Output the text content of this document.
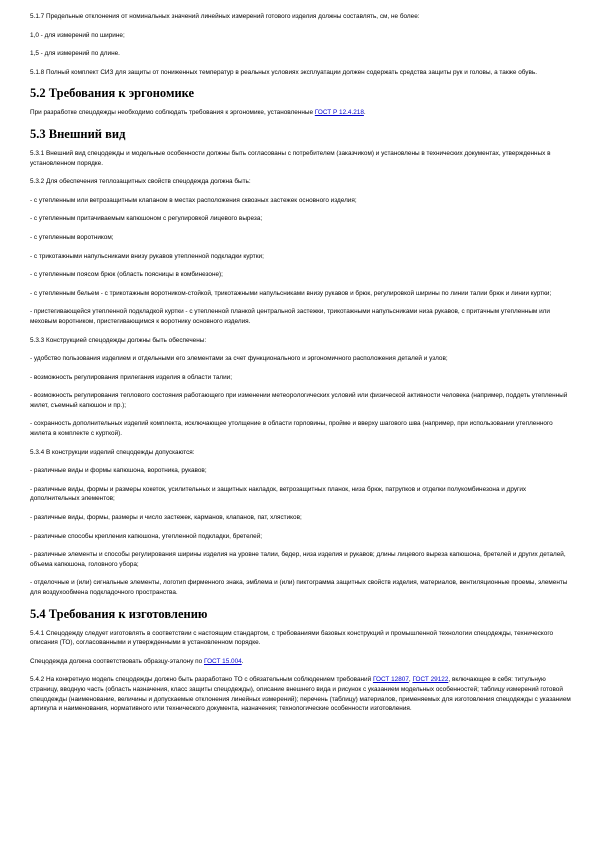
5.1.7 Предельные отклонения от номинальных значений линейных измерений готового изделия должны составлять, см, не более:

1,0 - для измерений по ширине;

1,5 - для измерений по длине.

5.1.8 Полный комплект СИЗ для защиты от пониженных температур в реальных условиях эксплуатации должен содержать средства защиты рук и головы, а также обувь.

5.2 Требования к эргономике

При разработке спецодежды необходимо соблюдать требования к эргономике, установленные ГОСТ Р 12.4.218.

5.3 Внешний вид

5.3.1 Внешний вид спецодежды и модельные особенности должны быть согласованы с потребителем (заказчиком) и установлены в технических документах, утвержденных в установленном порядке.

5.3.2 Для обеспечения теплозащитных свойств спецодежда должна быть:

- с утепленным или ветрозащитным клапаном в местах расположения сквозных застежек основного изделия;

- с утепленным притачиваемым капюшоном с регулировкой лицевого выреза;

- с утепленным воротником;

- с трикотажными напульсниками внизу рукавов утепленной подкладки куртки;

- с утепленным поясом брюк (область поясницы в комбинезоне);

- с утепленным бельем - с трикотажным воротником-стойкой, трикотажными напульсниками внизу рукавов и брюк, регулировкой ширины по линии талии брюк и линии куртки;

- пристегивающейся утепленной подкладкой куртки - с утепленной планкой центральной застежки, трикотажными напульсниками низа рукавов, с притачным утепленным или меховым воротником, пристегивающимся к воротнику основного изделия.

5.3.3 Конструкцией спецодежды должны быть обеспечены:

- удобство пользования изделием и отдельными его элементами за счет функционального и эргономичного расположения деталей и узлов;

- возможность регулирования прилегания изделия в области талии;

- возможность регулирования теплового состояния работающего при изменении метеорологических условий или физической активности человека (например, поддеть утепленный жилет, съемный капюшон и пр.);

- сохранность дополнительных изделий комплекта, исключающее утолщение в области горловины, пройме и вверху шагового шва (например, при использовании утепленного жилета в комплекте с курткой).

5.3.4 В конструкции изделий спецодежды допускаются:

- различные виды и формы капюшона, воротника, рукавов;

- различные виды, формы и размеры кокеток, усилительных и защитных накладок, ветрозащитных планок, низа брюк, патрупков и отделки полукомбинезона и других дополнительных элементов;

- различные виды, формы, размеры и число застежек, карманов, клапанов, пат, хлястиков;

- различные способы крепления капюшона, утепленной подкладки, бретелей;

- различные элементы и способы регулирования ширины изделия на уровне талии, бедер, низа изделия и рукавов; длины лицевого выреза капюшона, бретелей и других деталей, объема капюшона, головного убора;

- отделочные и (или) сигнальные элементы, логотип фирменного знака, эмблема и (или) пиктограмма защитных свойств изделия, материалов, вентиляционные проемы, элементы для воздухообмена подкладочного пространства.

5.4 Требования к изготовлению

5.4.1 Спецодежду следует изготовлять в соответствии с настоящим стандартом, с требованиями базовых конструкций и промышленной технологии спецодежды, технического описания (ТО), согласованными и утвержденными в установленном порядке.

Спецодежда должна соответствовать образцу-эталону по ГОСТ 15.004.

5.4.2 На конкретную модель спецодежды должно быть разработано ТО с обязательным соблюдением требований ГОСТ 12807, ГОСТ 29122, включающее в себя: титульную страницу, вводную часть (область назначения, класс защиты спецодежды), описание внешнего вида и рисунок с указанием модельных особенностей; таблицу измерений готовой спецодежды (наименование, величины и допускаемые отклонения линейных измерений); перечень (таблицу) материалов, применяемых для изготовления спецодежды с указанием артикула и наименования, нормативного или технического документа, назначения; технологические особенности изготовления.
